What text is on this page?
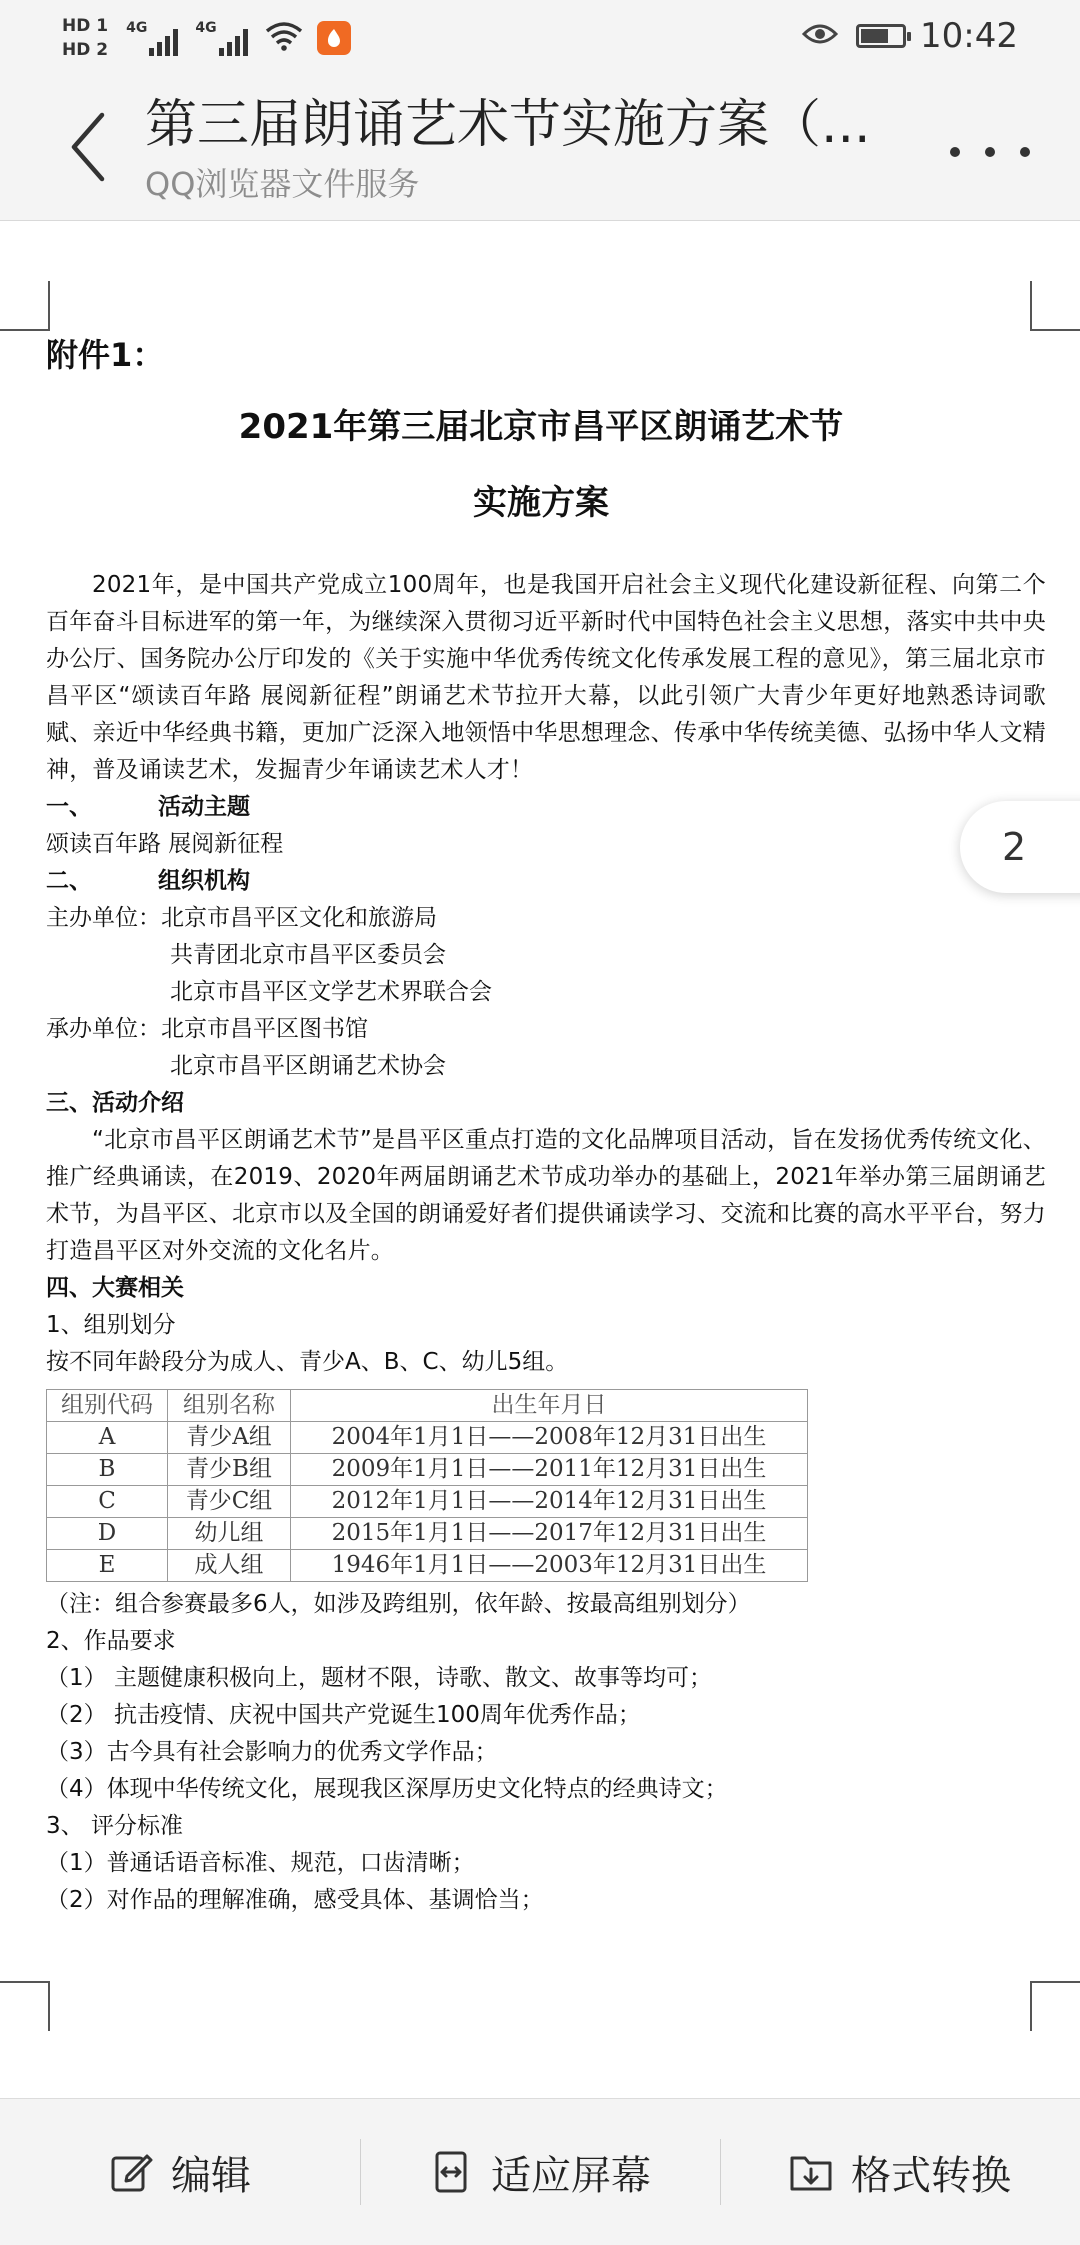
HD 1
HD 2
4G	4G	10:42
第三届朗诵艺术节实施方案（...
QQ浏览器文件服务
附件1：
2021年第三届北京市昌平区朗诵艺术节
实施方案
2021年，是中国共产党成立100周年，也是我国开启社会主义现代化建设新征程、向第二个百年奋斗目标进军的第一年，为继续深入贯彻习近平新时代中国特色社会主义思想，落实中共中央办公厅、国务院办公厅印发的《关于实施中华优秀传统文化传承发展工程的意见》，第三届北京市昌平区“颂读百年路 展阅新征程”朗诵艺术节拉开大幕，以此引领广大青少年更好地熟悉诗词歌赋、亲近中华经典书籍，更加广泛深入地领悟中华思想理念、传承中华传统美德、弘扬中华人文精神，普及诵读艺术，发掘青少年诵读艺术人才！
一、	活动主题
颂读百年路 展阅新征程
二、	组织机构
主办单位：北京市昌平区文化和旅游局
共青团北京市昌平区委员会
北京市昌平区文学艺术界联合会
承办单位：北京市昌平区图书馆
北京市昌平区朗诵艺术协会
三、活动介绍
“北京市昌平区朗诵艺术节”是昌平区重点打造的文化品牌项目活动，旨在发扬优秀传统文化、推广经典诵读，在2019、2020年两届朗诵艺术节成功举办的基础上，2021年举办第三届朗诵艺术节，为昌平区、北京市以及全国的朗诵爱好者们提供诵读学习、交流和比赛的高水平平台，努力打造昌平区对外交流的文化名片。
四、大赛相关
1、组别划分
按不同年龄段分为成人、青少A、B、C、幼儿5组。
组别代码	组别名称	出生年月日
A	青少A组	2004年1月1日——2008年12月31日出生
B	青少B组	2009年1月1日——2011年12月31日出生
C	青少C组	2012年1月1日——2014年12月31日出生
D	幼儿组	2015年1月1日——2017年12月31日出生
E	成人组	1946年1月1日——2003年12月31日出生
（注：组合参赛最多6人，如涉及跨组别，依年龄、按最高组别划分）
2、作品要求
（1） 主题健康积极向上，题材不限，诗歌、散文、故事等均可；
（2） 抗击疫情、庆祝中国共产党诞生100周年优秀作品；
（3）古今具有社会影响力的优秀文学作品；
（4）体现中华传统文化，展现我区深厚历史文化特点的经典诗文；
3、 评分标准
（1）普通话语音标准、规范，口齿清晰；
（2）对作品的理解准确，感受具体、基调恰当；
2
编辑	适应屏幕	格式转换
